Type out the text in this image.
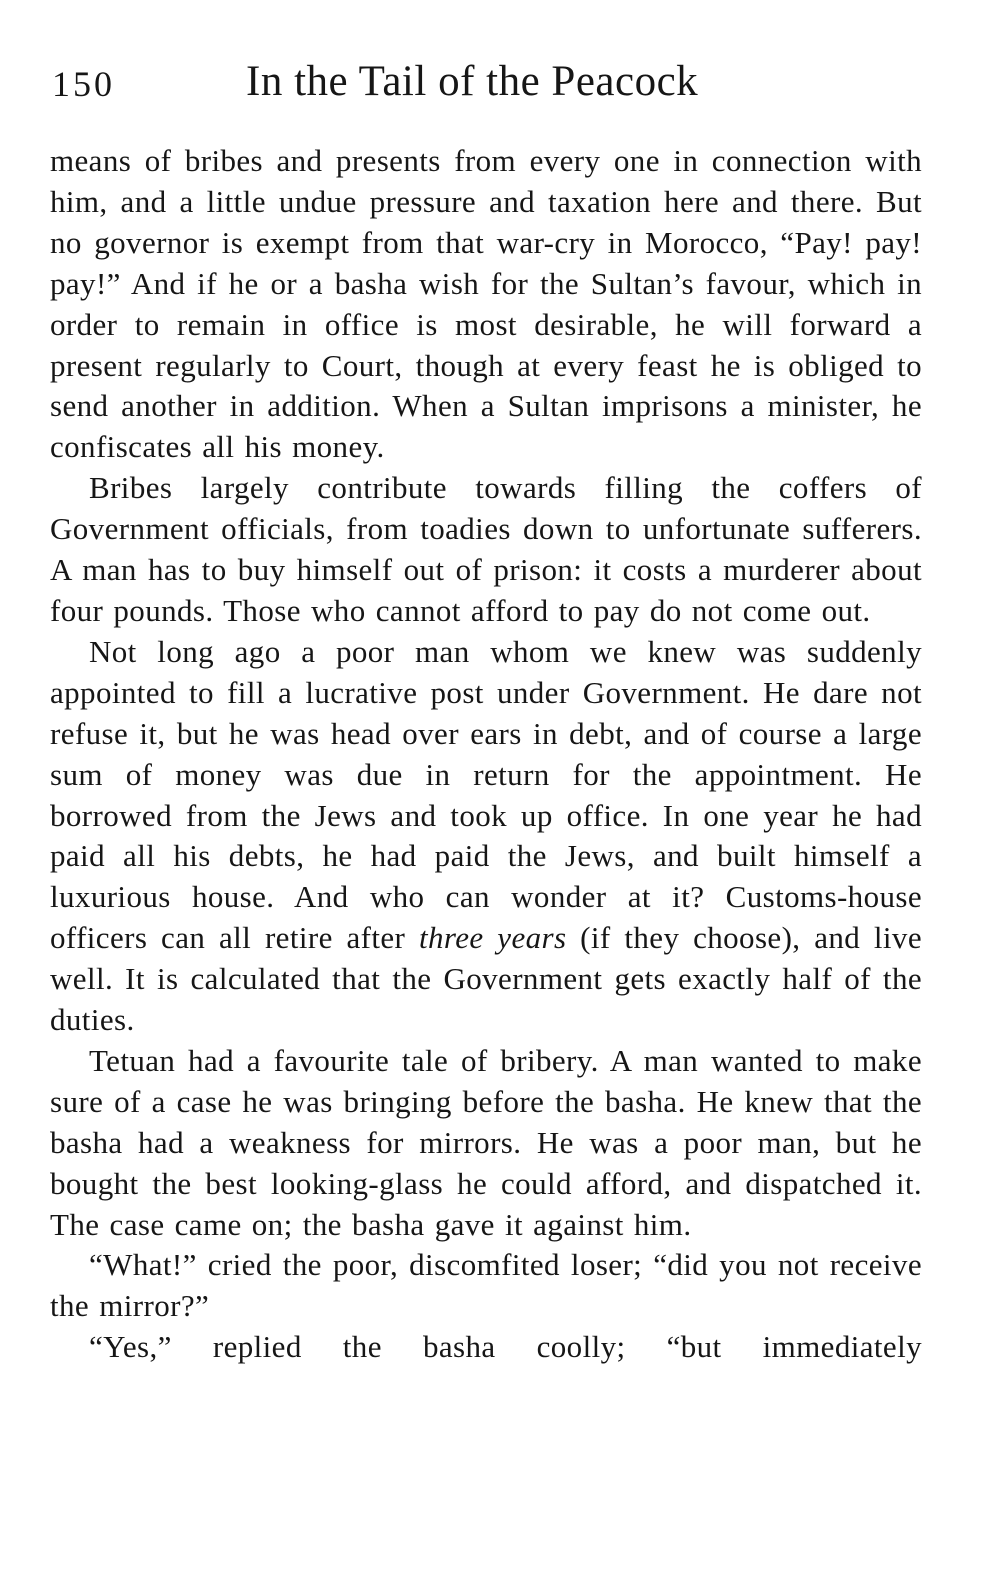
150	In the Tail of the Peacock

means of bribes and presents from every one in connection with him, and a little undue pressure and taxation here and there. But no governor is exempt from that war-cry in Morocco, “Pay! pay! pay!” And if he or a basha wish for the Sultan’s favour, which in order to remain in office is most desirable, he will forward a present regularly to Court, though at every feast he is obliged to send another in addition. When a Sultan imprisons a minister, he confiscates all his money.

Bribes largely contribute towards filling the coffers of Government officials, from toadies down to unfortunate sufferers. A man has to buy himself out of prison: it costs a murderer about four pounds. Those who cannot afford to pay do not come out.

Not long ago a poor man whom we knew was suddenly appointed to fill a lucrative post under Government. He dare not refuse it, but he was head over ears in debt, and of course a large sum of money was due in return for the appointment. He borrowed from the Jews and took up office. In one year he had paid all his debts, he had paid the Jews, and built himself a luxurious house. And who can wonder at it? Customs-house officers can all retire after three years (if they choose), and live well. It is calculated that the Government gets exactly half of the duties.

Tetuan had a favourite tale of bribery. A man wanted to make sure of a case he was bringing before the basha. He knew that the basha had a weakness for mirrors. He was a poor man, but he bought the best looking-glass he could afford, and dispatched it. The case came on; the basha gave it against him.

“What!” cried the poor, discomfited loser; “did you not receive the mirror?”

“Yes,” replied the basha coolly; “but immediately
